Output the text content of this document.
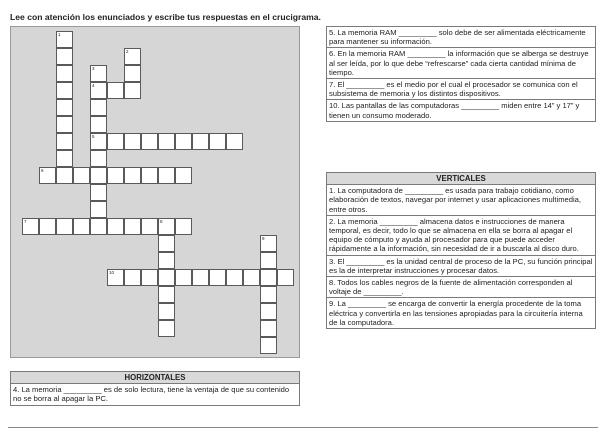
Lee con atención los enunciados y escribe tus respuestas en el crucigrama.
1
2
3
4
5
6
7	8
9
10
HORIZONTALES
4. La memoria _________ es de solo lectura, tiene la ventaja de que su contenido no se borra al apagar la PC.
5. La memoria RAM _________ solo debe de ser alimentada eléctricamente para mantener su información.
6. En la memoria RAM _________ la información que se alberga se destruye al ser leída, por lo que debe “refrescarse” cada cierta cantidad mínima de tiempo.
7. El _________ es el medio por el cual el procesador se comunica con el subsistema de memoria y los distintos dispositivos.
10. Las pantallas de las computadoras _________ miden entre 14” y 17” y tienen un consumo moderado.
VERTICALES
1. La computadora de _________ es usada para trabajo cotidiano, como elaboración de textos, navegar por internet y usar aplicaciones multimedia, entre otros.
2. La memoria _________ almacena datos e instrucciones de manera temporal, es decir, todo lo que se almacena en ella se borra al apagar el equipo de cómputo y ayuda al procesador para que puede acceder rápidamente a la información, sin necesidad de ir a buscarla al disco duro.
3. El _________ es la unidad central de proceso de la PC, su función principal es la de interpretar instrucciones y procesar datos.
8. Todos los cables negros de la fuente de alimentación corresponden al voltaje de _________.
9. La _________ se encarga de convertir la energía procedente de la toma eléctrica y convertirla en las tensiones apropiadas para la circuitería interna de la computadora.
